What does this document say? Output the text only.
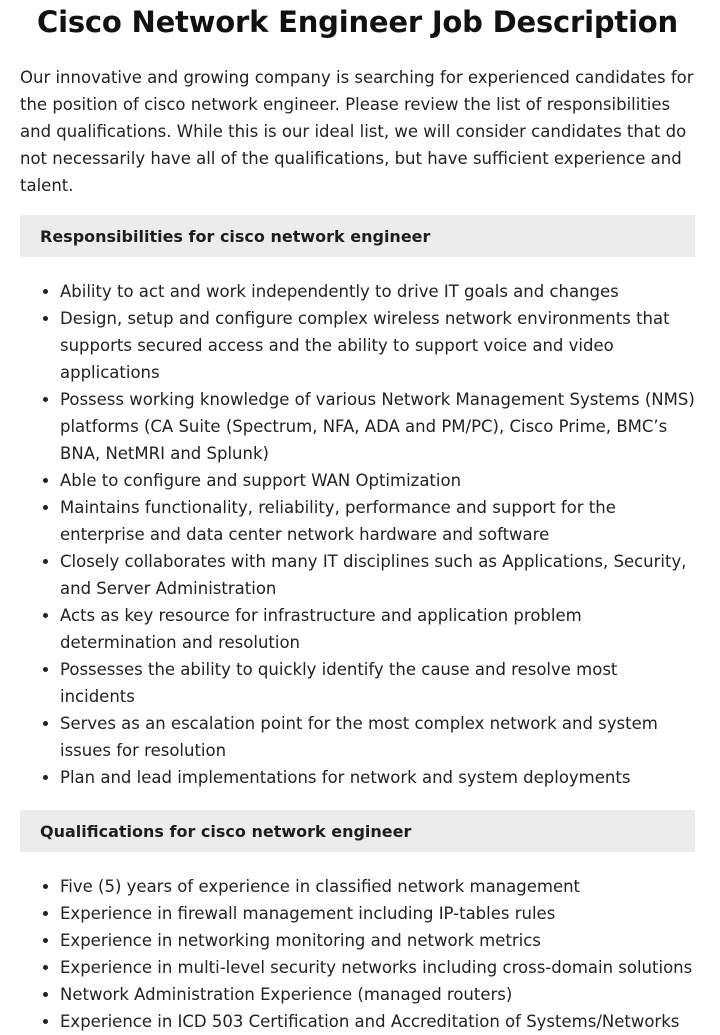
Cisco Network Engineer Job Description

Our innovative and growing company is searching for experienced candidates for the position of cisco network engineer. Please review the list of responsibilities and qualifications. While this is our ideal list, we will consider candidates that do not necessarily have all of the qualifications, but have sufficient experience and talent.

Responsibilities for cisco network engineer
Ability to act and work independently to drive IT goals and changes
Design, setup and configure complex wireless network environments that supports secured access and the ability to support voice and video applications
Possess working knowledge of various Network Management Systems (NMS) platforms (CA Suite (Spectrum, NFA, ADA and PM/PC), Cisco Prime, BMC’s BNA, NetMRI and Splunk)
Able to configure and support WAN Optimization
Maintains functionality, reliability, performance and support for the enterprise and data center network hardware and software
Closely collaborates with many IT disciplines such as Applications, Security, and Server Administration
Acts as key resource for infrastructure and application problem determination and resolution
Possesses the ability to quickly identify the cause and resolve most incidents
Serves as an escalation point for the most complex network and system issues for resolution
Plan and lead implementations for network and system deployments
Qualifications for cisco network engineer
Five (5) years of experience in classified network management
Experience in firewall management including IP-tables rules
Experience in networking monitoring and network metrics
Experience in multi-level security networks including cross-domain solutions
Network Administration Experience (managed routers)
Experience in ICD 503 Certification and Accreditation of Systems/Networks
